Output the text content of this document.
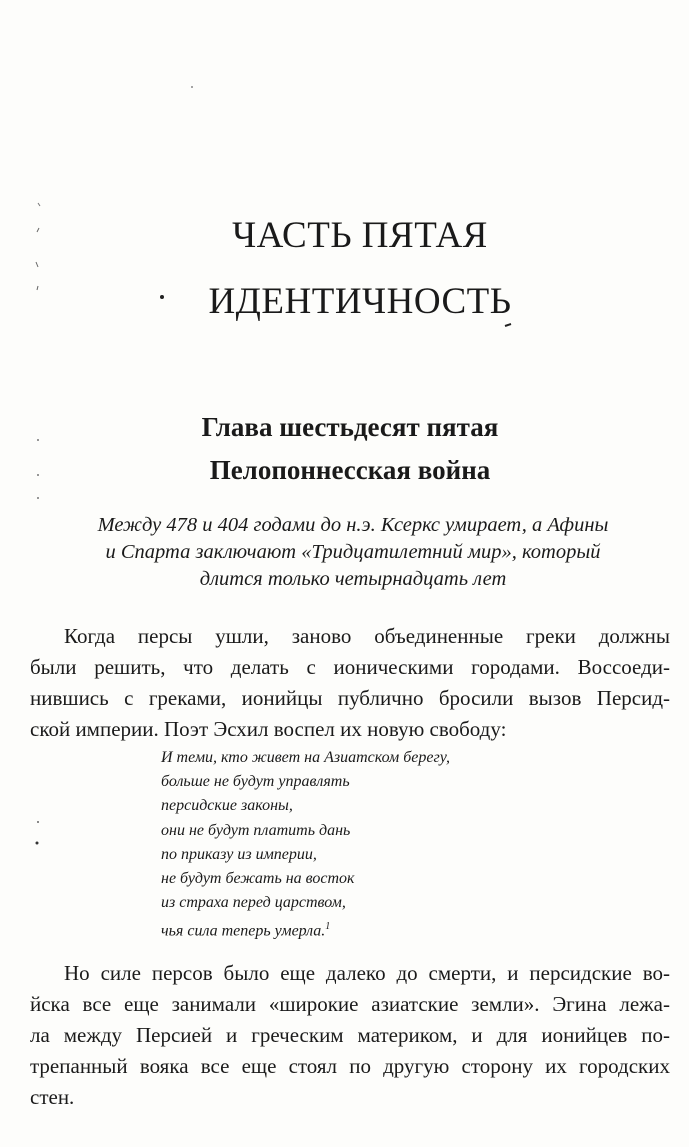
ЧАСТЬ ПЯТАЯ
ИДЕНТИЧНОСТЬ
Глава шестьдесят пятая
Пелопоннесская война
Между 478 и 404 годами до н.э. Ксеркс умирает, а Афины
и Спарта заключают «Тридцатилетний мир», который
длится только четырнадцать лет
Когда персы ушли, заново объединенные греки должны
были решить, что делать с ионическими городами. Воссоеди-
нившись с греками, ионийцы публично бросили вызов Персид-
ской империи. Поэт Эсхил воспел их новую свободу:
И теми, кто живет на Азиатском берегу,
больше не будут управлять
персидские законы,
они не будут платить дань
по приказу из империи,
не будут бежать на восток
из страха перед царством,
чья сила теперь умерла.$^1$
Но силе персов было еще далеко до смерти, и персидские во-
йска все еще занимали «широкие азиатские земли». Эгина лежа-
ла между Персией и греческим материком, и для ионийцев по-
трепанный вояка все еще стоял по другую сторону их городских
стен.
